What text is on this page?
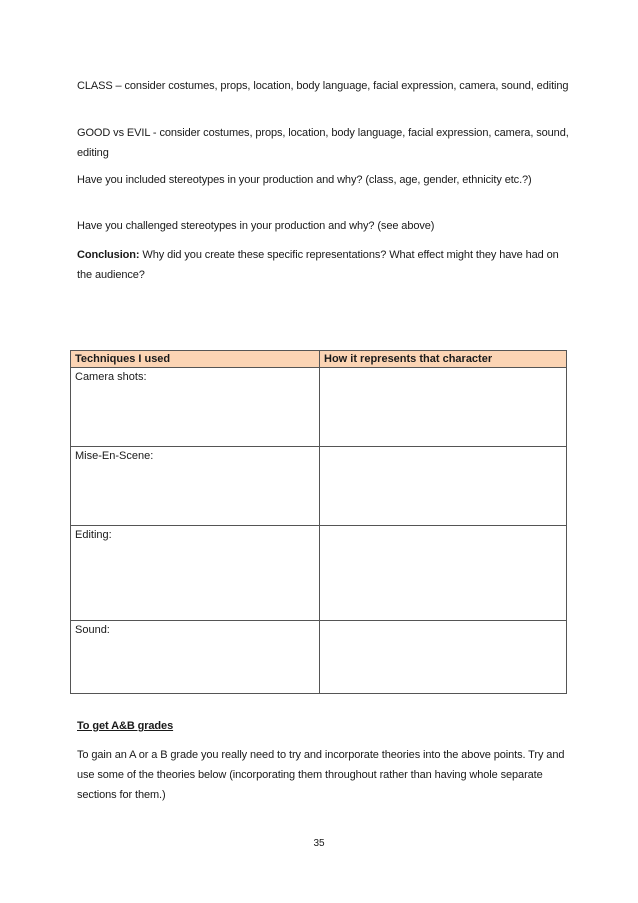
CLASS – consider costumes, props, location, body language, facial expression, camera, sound, editing

GOOD vs EVIL - consider costumes, props, location, body language, facial expression, camera, sound, editing

Have you included stereotypes in your production and why? (class, age, gender, ethnicity etc.?)

Have you challenged stereotypes in your production and why? (see above)

Conclusion: Why did you create these specific representations? What effect might they have had on the audience?

Techniques I used	How it represents that character
Camera shots:	
Mise-En-Scene:	
Editing:	
Sound:	

To get A&B grades

To gain an A or a B grade you really need to try and incorporate theories into the above points. Try and use some of the theories below (incorporating them throughout rather than having whole separate sections for them.)

35
